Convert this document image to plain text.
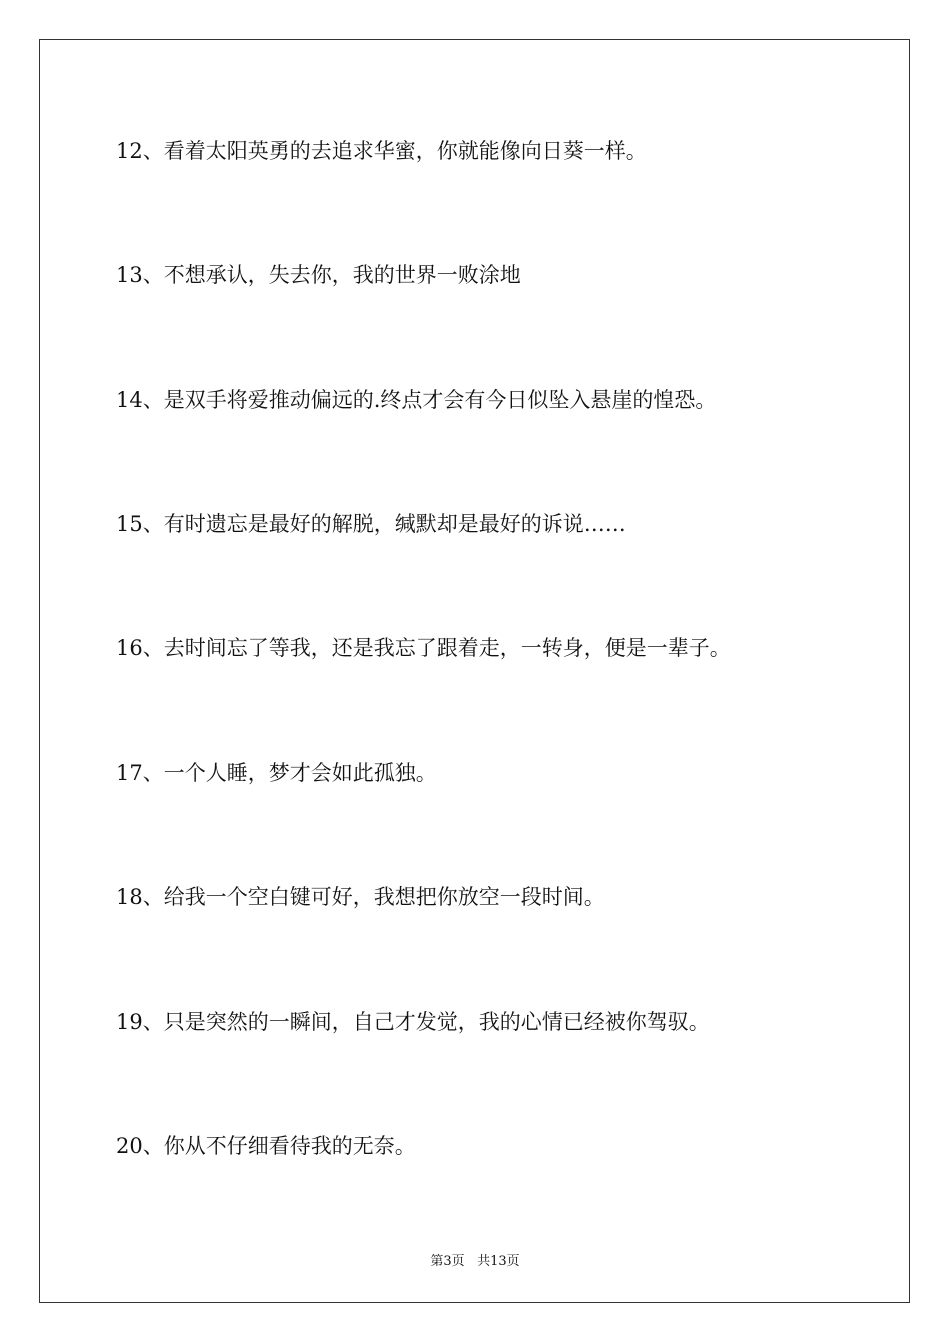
12、看着太阳英勇的去追求华蜜，你就能像向日葵一样。
13、不想承认，失去你，我的世界一败涂地
14、是双手将爱推动偏远的.终点才会有今日似坠入悬崖的惶恐。
15、有时遗忘是最好的解脱，缄默却是最好的诉说……
16、去时间忘了等我，还是我忘了跟着走，一转身，便是一辈子。
17、一个人睡，梦才会如此孤独。
18、给我一个空白键可好，我想把你放空一段时间。
19、只是突然的一瞬间，自己才发觉，我的心情已经被你驾驭。
20、你从不仔细看待我的无奈。
第3页 共13页
